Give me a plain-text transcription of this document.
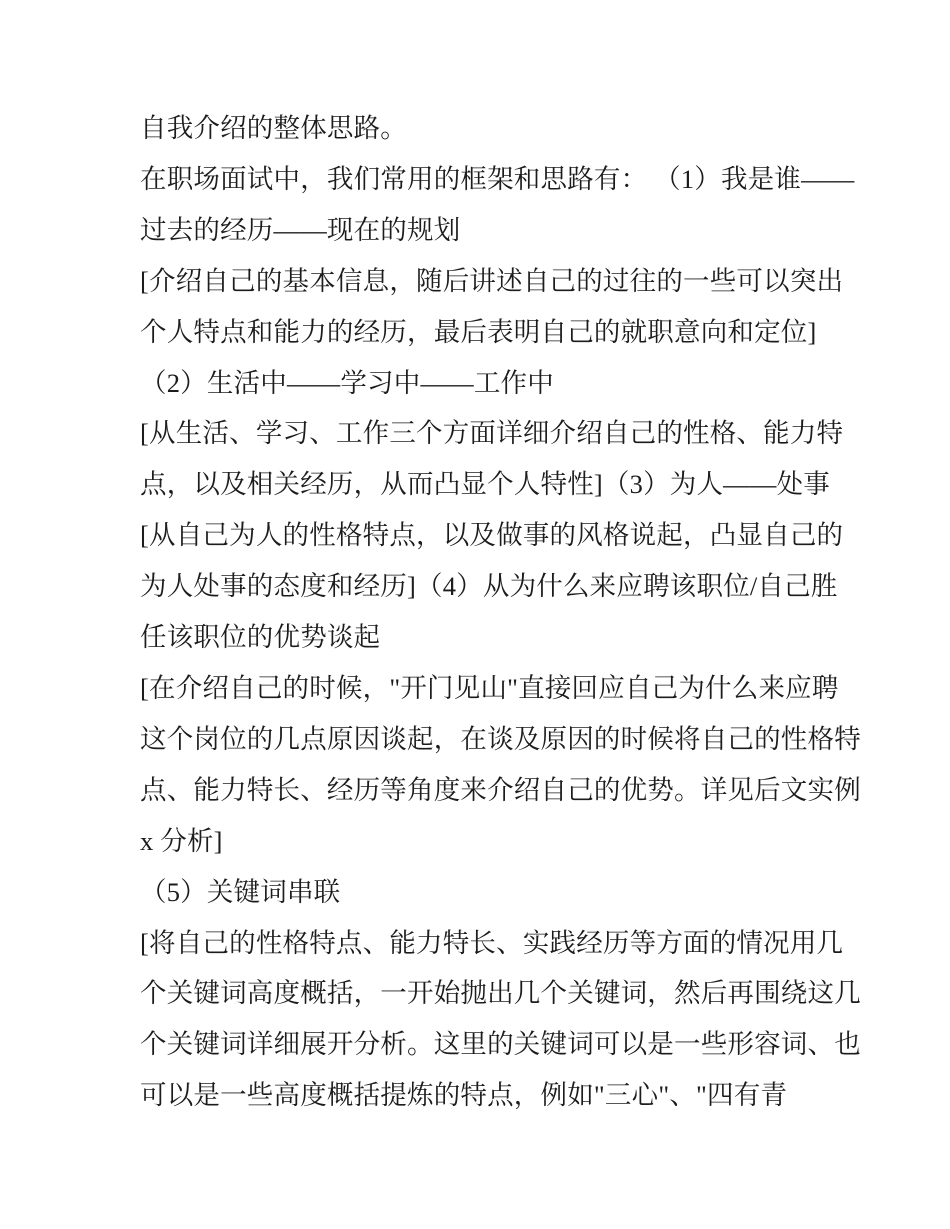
自我介绍的整体思路。
在职场面试中，我们常用的框架和思路有： （1）我是谁——
过去的经历——现在的规划
[介绍自己的基本信息，随后讲述自己的过往的一些可以突出
个人特点和能力的经历，最后表明自己的就职意向和定位]
（2）生活中——学习中——工作中
[从生活、学习、工作三个方面详细介绍自己的性格、能力特
点，以及相关经历，从而凸显个人特性]（3）为人——处事
[从自己为人的性格特点，以及做事的风格说起，凸显自己的
为人处事的态度和经历]（4）从为什么来应聘该职位/自己胜
任该职位的优势谈起
[在介绍自己的时候，"开门见山"直接回应自己为什么来应聘
这个岗位的几点原因谈起，在谈及原因的时候将自己的性格特
点、能力特长、经历等角度来介绍自己的优势。详见后文实例
x 分析]
（5）关键词串联
[将自己的性格特点、能力特长、实践经历等方面的情况用几
个关键词高度概括，一开始抛出几个关键词，然后再围绕这几
个关键词详细展开分析。这里的关键词可以是一些形容词、也
可以是一些高度概括提炼的特点，例如"三心"、"四有青
